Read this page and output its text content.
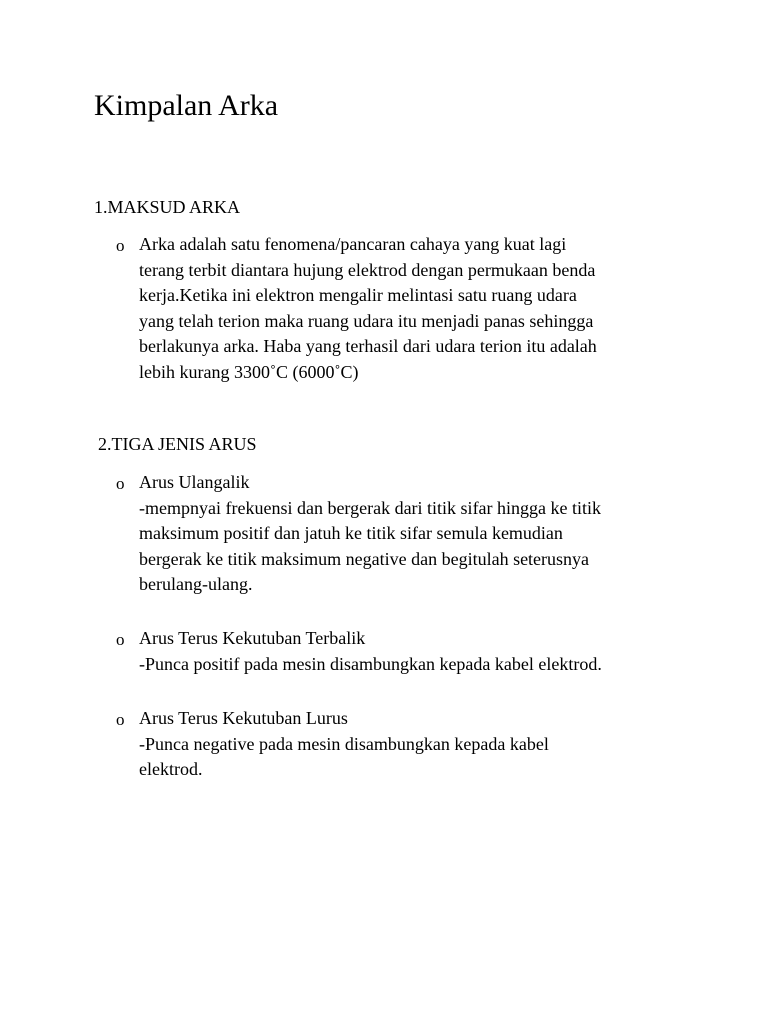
Kimpalan Arka
1.MAKSUD ARKA
o Arka adalah satu fenomena/pancaran cahaya yang kuat lagi
terang terbit diantara hujung elektrod dengan permukaan benda
kerja.Ketika ini elektron mengalir melintasi satu ruang udara
yang telah terion maka ruang udara itu menjadi panas sehingga
berlakunya arka. Haba yang terhasil dari udara terion itu adalah
lebih kurang 3300˚C (6000˚C)
2.TIGA JENIS ARUS
o Arus Ulangalik
-mempnyai frekuensi dan bergerak dari titik sifar hingga ke titik
maksimum positif dan jatuh ke titik sifar semula kemudian
bergerak ke titik maksimum negative dan begitulah seterusnya
berulang-ulang.
o Arus Terus Kekutuban Terbalik
-Punca positif pada mesin disambungkan kepada kabel elektrod.
o Arus Terus Kekutuban Lurus
-Punca negative pada mesin disambungkan kepada kabel
elektrod.
